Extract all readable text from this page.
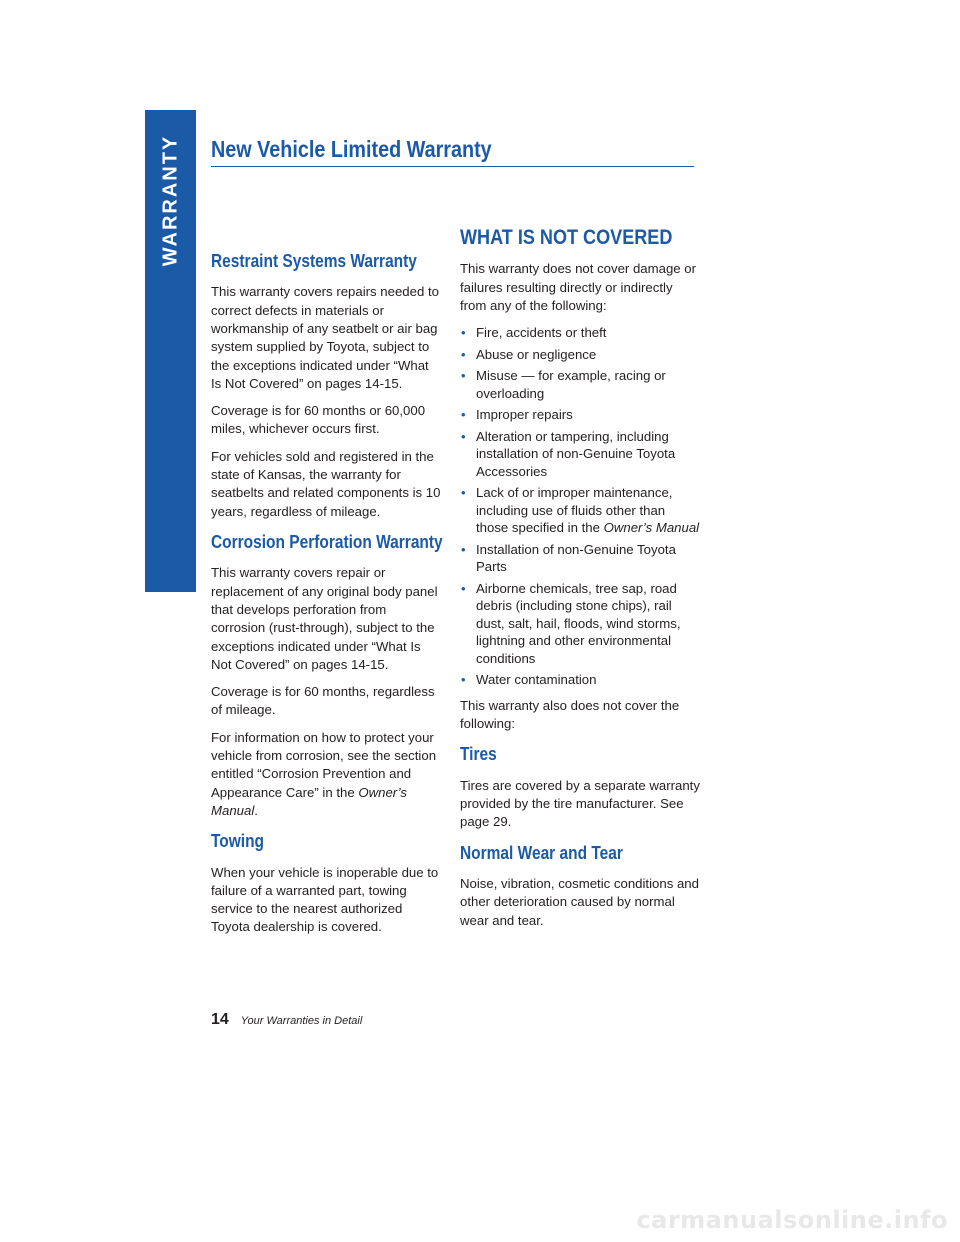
WARRANTY New Vehicle Limited Warranty
Restraint Systems Warranty

This warranty covers repairs needed to correct defects in materials or workmanship of any seatbelt or air bag system supplied by Toyota, subject to the exceptions indicated under “What Is Not Covered” on pages 14-15.

Coverage is for 60 months or 60,000 miles, whichever occurs first.

For vehicles sold and registered in the state of Kansas, the warranty for seatbelts and related components is 10 years, regardless of mileage.

Corrosion Perforation Warranty

This warranty covers repair or replacement of any original body panel that develops perforation from corrosion (rust-through), subject to the exceptions indicated under “What Is Not Covered” on pages 14-15.

Coverage is for 60 months, regardless of mileage.

For information on how to protect your vehicle from corrosion, see the section entitled “Corrosion Prevention and Appearance Care” in the Owner’s Manual.

Towing

When your vehicle is inoperable due to failure of a warranted part, towing service to the nearest authorized Toyota dealership is covered.

WHAT IS NOT COVERED

This warranty does not cover damage or failures resulting directly or indirectly from any of the following:

• Fire, accidents or theft
• Abuse or negligence
• Misuse — for example, racing or overloading
• Improper repairs
• Alteration or tampering, including installation of non-Genuine Toyota Accessories
• Lack of or improper maintenance, including use of fluids other than those specified in the Owner’s Manual
• Installation of non-Genuine Toyota Parts
• Airborne chemicals, tree sap, road debris (including stone chips), rail dust, salt, hail, floods, wind storms, lightning and other environmental conditions
• Water contamination

This warranty also does not cover the following:

Tires

Tires are covered by a separate warranty provided by the tire manufacturer. See page 29.

Normal Wear and Tear

Noise, vibration, cosmetic conditions and other deterioration caused by normal wear and tear.

14 Your Warranties in Detail
carmanualsonline.info
